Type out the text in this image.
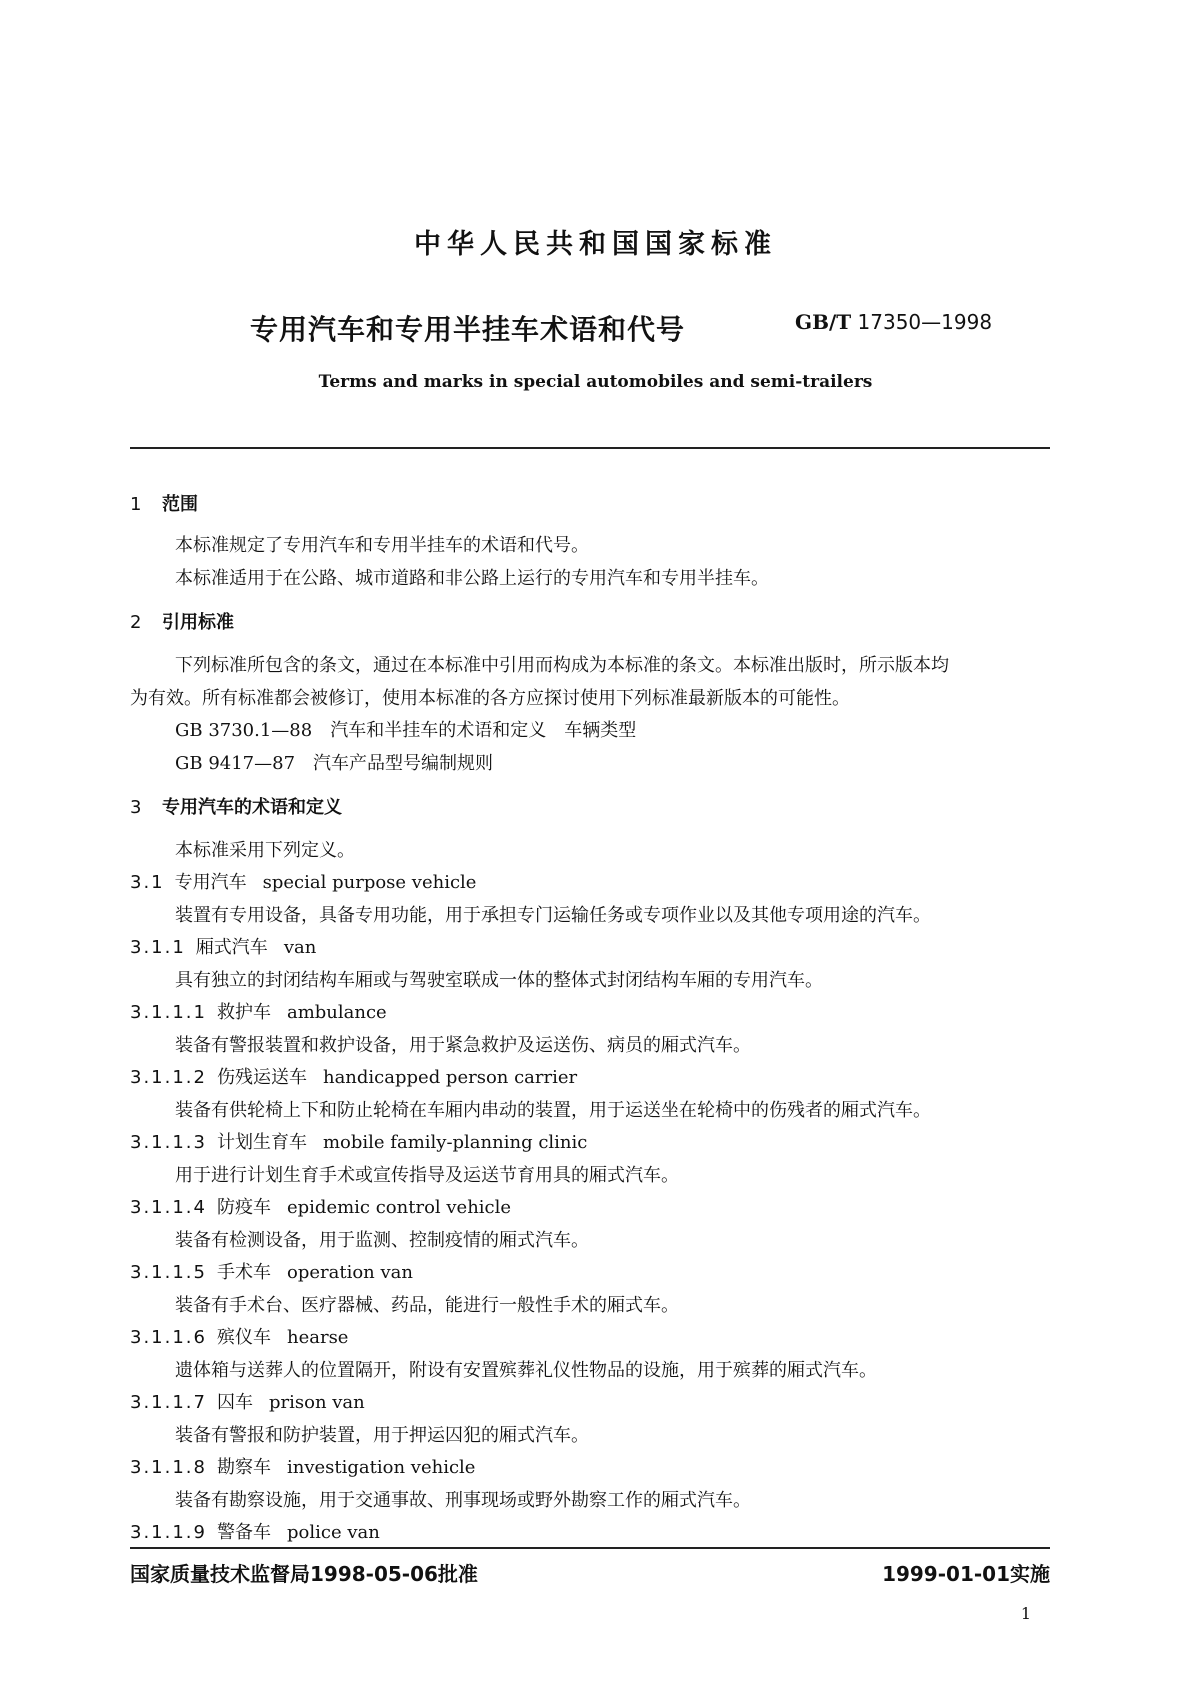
中华人民共和国国家标准
专用汽车和专用半挂车术语和代号	GB/T 17350—1998
Terms and marks in special automobiles and semi-trailers
1 范围
本标准规定了专用汽车和专用半挂车的术语和代号。
本标准适用于在公路、城市道路和非公路上运行的专用汽车和专用半挂车。
2 引用标准
下列标准所包含的条文，通过在本标准中引用而构成为本标准的条文。本标准出版时，所示版本均
为有效。所有标准都会被修订，使用本标准的各方应探讨使用下列标准最新版本的可能性。
GB 3730.1—88　汽车和半挂车的术语和定义　车辆类型
GB 9417—87　汽车产品型号编制规则
3 专用汽车的术语和定义
本标准采用下列定义。
3.1 专用汽车 special purpose vehicle
装置有专用设备，具备专用功能，用于承担专门运输任务或专项作业以及其他专项用途的汽车。
3.1.1 厢式汽车 van
具有独立的封闭结构车厢或与驾驶室联成一体的整体式封闭结构车厢的专用汽车。
3.1.1.1 救护车 ambulance
装备有警报装置和救护设备，用于紧急救护及运送伤、病员的厢式汽车。
3.1.1.2 伤残运送车 handicapped person carrier
装备有供轮椅上下和防止轮椅在车厢内串动的装置，用于运送坐在轮椅中的伤残者的厢式汽车。
3.1.1.3 计划生育车 mobile family-planning clinic
用于进行计划生育手术或宣传指导及运送节育用具的厢式汽车。
3.1.1.4 防疫车 epidemic control vehicle
装备有检测设备，用于监测、控制疫情的厢式汽车。
3.1.1.5 手术车 operation van
装备有手术台、医疗器械、药品，能进行一般性手术的厢式车。
3.1.1.6 殡仪车 hearse
遗体箱与送葬人的位置隔开，附设有安置殡葬礼仪性物品的设施，用于殡葬的厢式汽车。
3.1.1.7 囚车 prison van
装备有警报和防护装置，用于押运囚犯的厢式汽车。
3.1.1.8 勘察车 investigation vehicle
装备有勘察设施，用于交通事故、刑事现场或野外勘察工作的厢式汽车。
3.1.1.9 警备车 police van
国家质量技术监督局1998-05-06批准	1999-01-01实施
1
